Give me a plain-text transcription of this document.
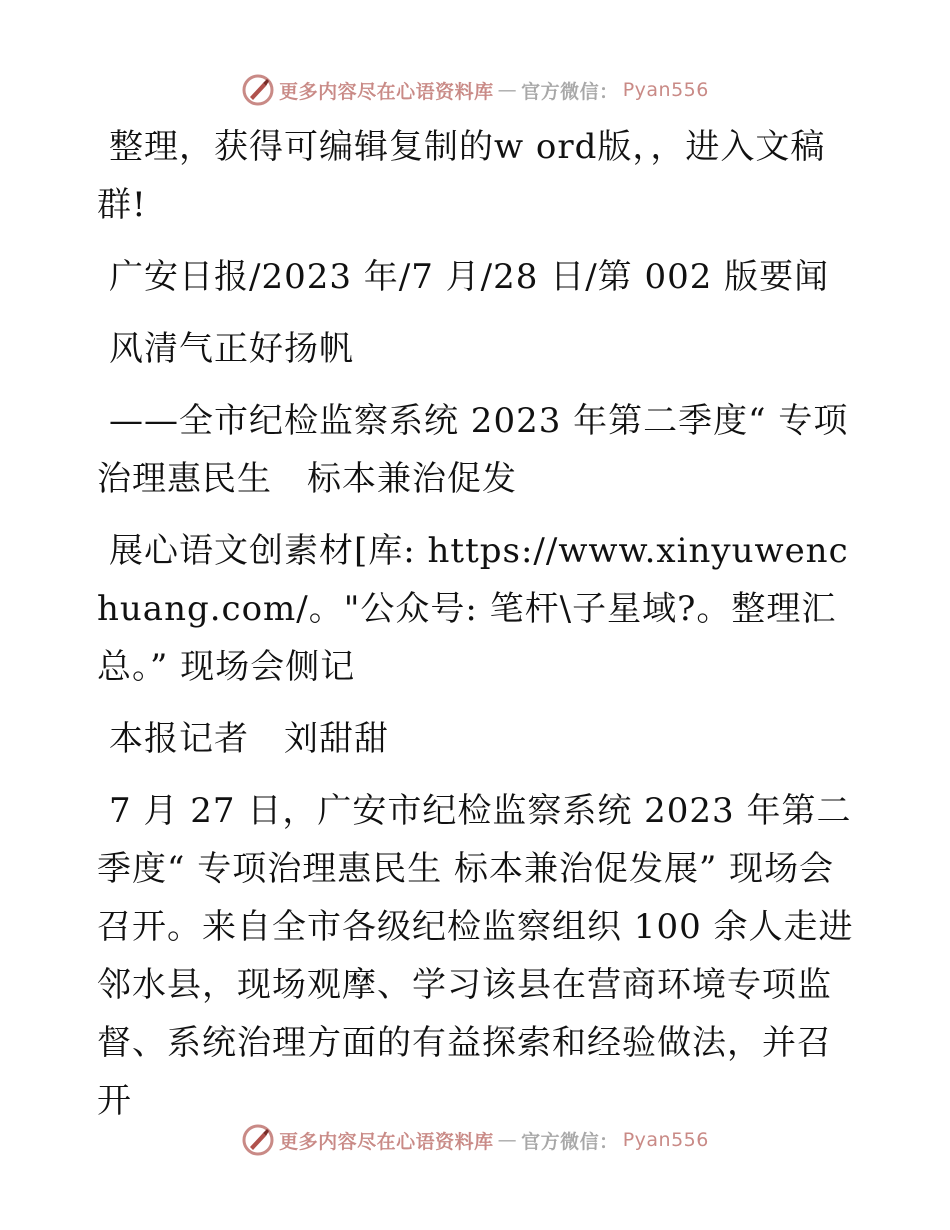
更多内容尽在心语资料库 — 官方微信： Pyan556

整理，获得可编辑复制的w ord版，，进入文稿群!

广安日报/2023 年/7 月/28 日/第 002 版要闻

风清气正好扬帆

——全市纪检监察系统 2023 年第二季度“ 专项治理惠民生　标本兼治促发

展心语文创素材[库: https://www.xinyuwenchuang.com/。"公众号: 笔杆\子星域?。整理汇总。” 现场会侧记

本报记者　刘甜甜

7 月 27 日，广安市纪检监察系统 2023 年第二季度“ 专项治理惠民生 标本兼治促发展” 现场会召开。来自全市各级纪检监察组织 100 余人走进邻水县，现场观摩、学习该县在营商环境专项监督、系统治理方面的有益探索和经验做法，并召开

更多内容尽在心语资料库 — 官方微信： Pyan556
